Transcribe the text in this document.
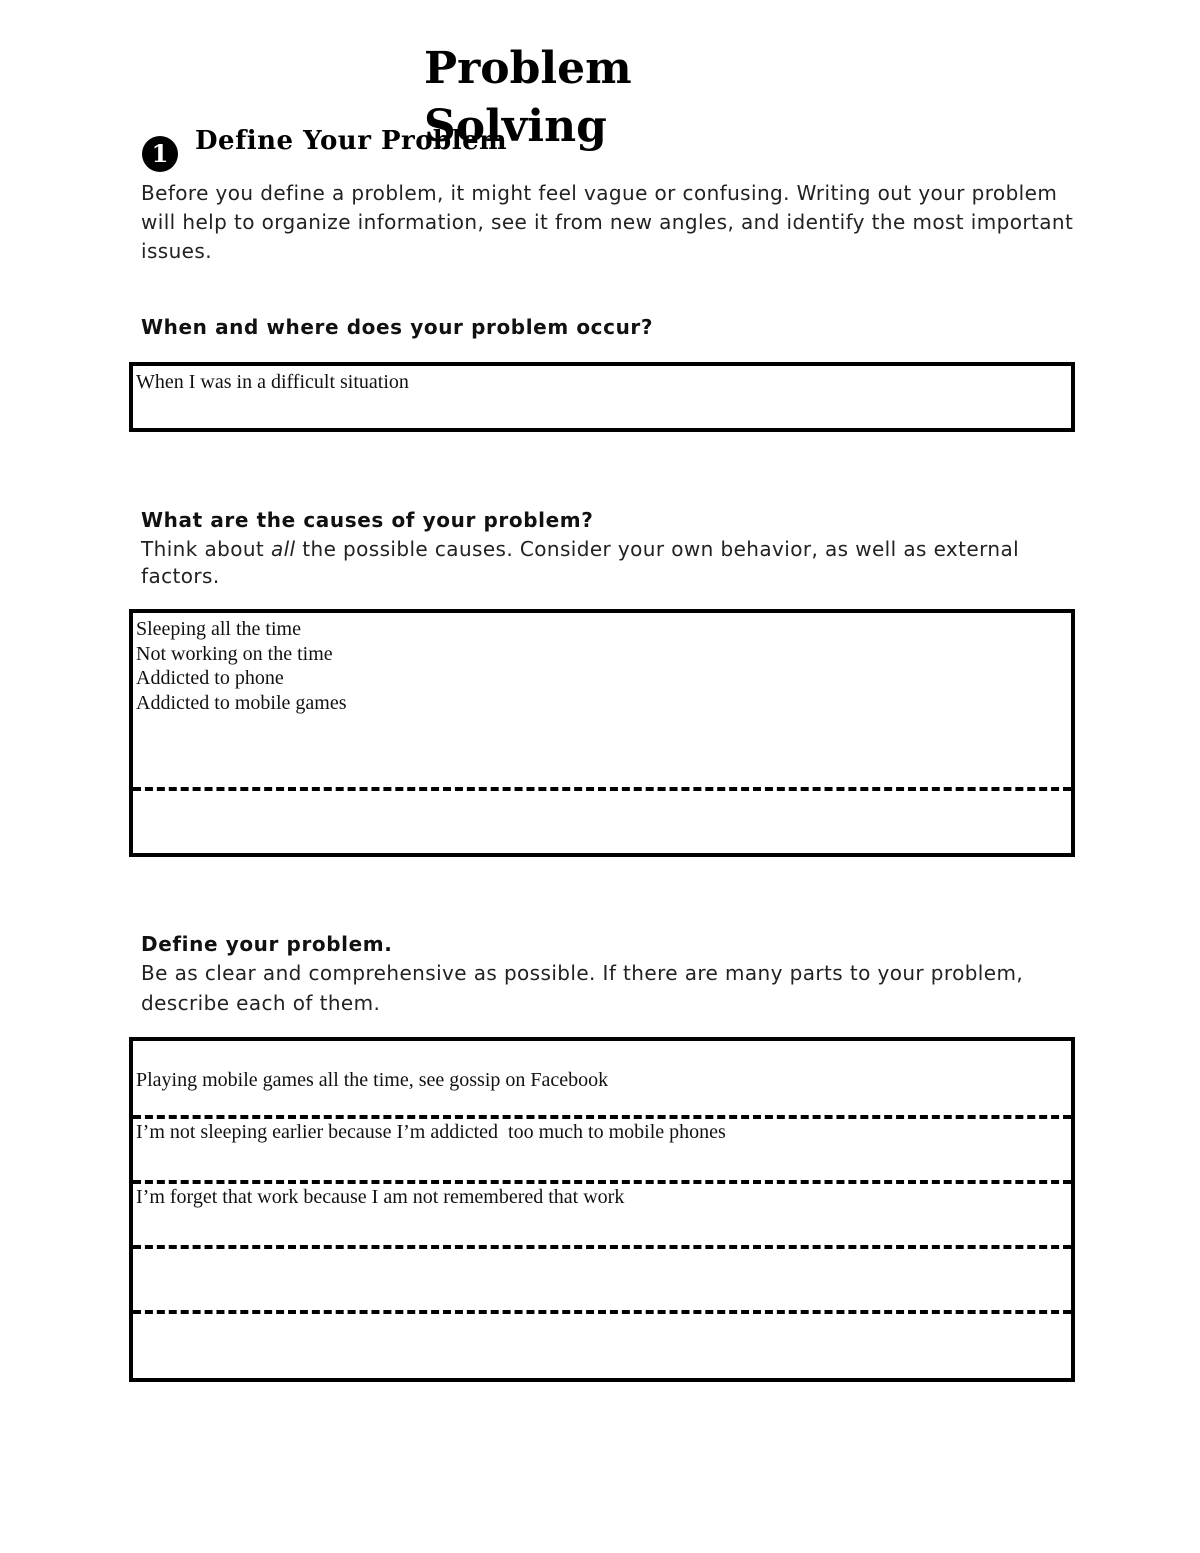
Problem Solving
1	Define Your Problem

Before you define a problem, it might feel vague or confusing. Writing out your problem will help to organize information, see it from new angles, and identify the most important issues.

When and where does your problem occur?

When I was in a difficult situation

What are the causes of your problem?

Think about all the possible causes. Consider your own behavior, as well as external factors.

Sleeping all the time
Not working on the time
Addicted to phone
Addicted to mobile games

Define your problem.

Be as clear and comprehensive as possible. If there are many parts to your problem, describe each of them.

Playing mobile games all the time, see gossip on Facebook
I’m not sleeping earlier because I’m addicted  too much to mobile phones
I’m forget that work because I am not remembered that work
